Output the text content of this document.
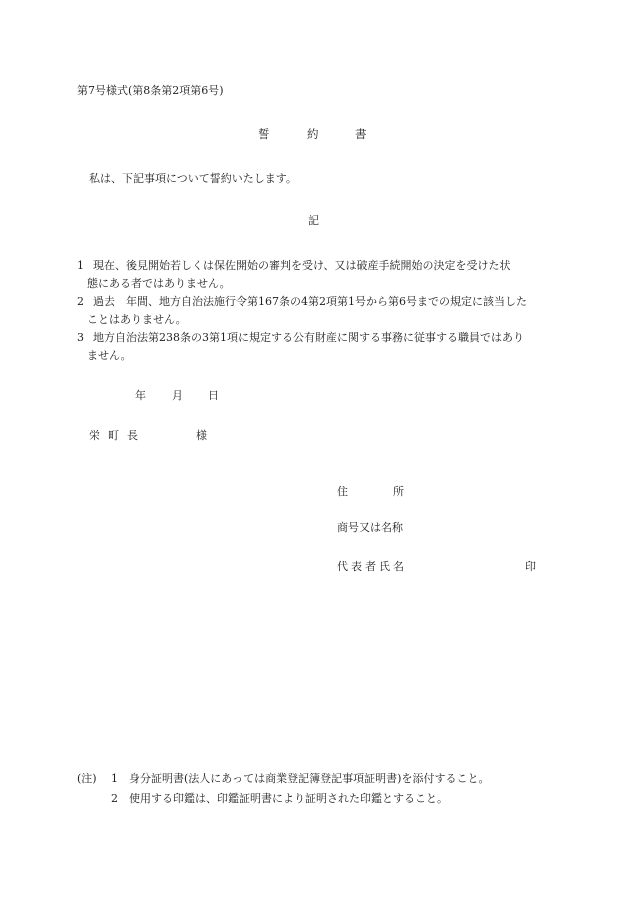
第7号様式(第8条第2項第6号)
誓	約	書
私は、下記事項について誓約いたします。
記
1 現在、後見開始若しくは保佐開始の審判を受け、又は破産手続開始の決定を受けた状
態にある者ではありません。
2 過去　年間、地方自治法施行令第167条の4第2項第1号から第6号までの規定に該当した
ことはありません。
3 地方自治法第238条の3第1項に規定する公有財産に関する事務に従事する職員ではあり
ません。
年 月 日
栄町長	様
住	所
商号又は名称
代表者氏名	印
(注) 1 身分証明書(法人にあっては商業登記簿登記事項証明書)を添付すること。
2 使用する印鑑は、印鑑証明書により証明された印鑑とすること。
